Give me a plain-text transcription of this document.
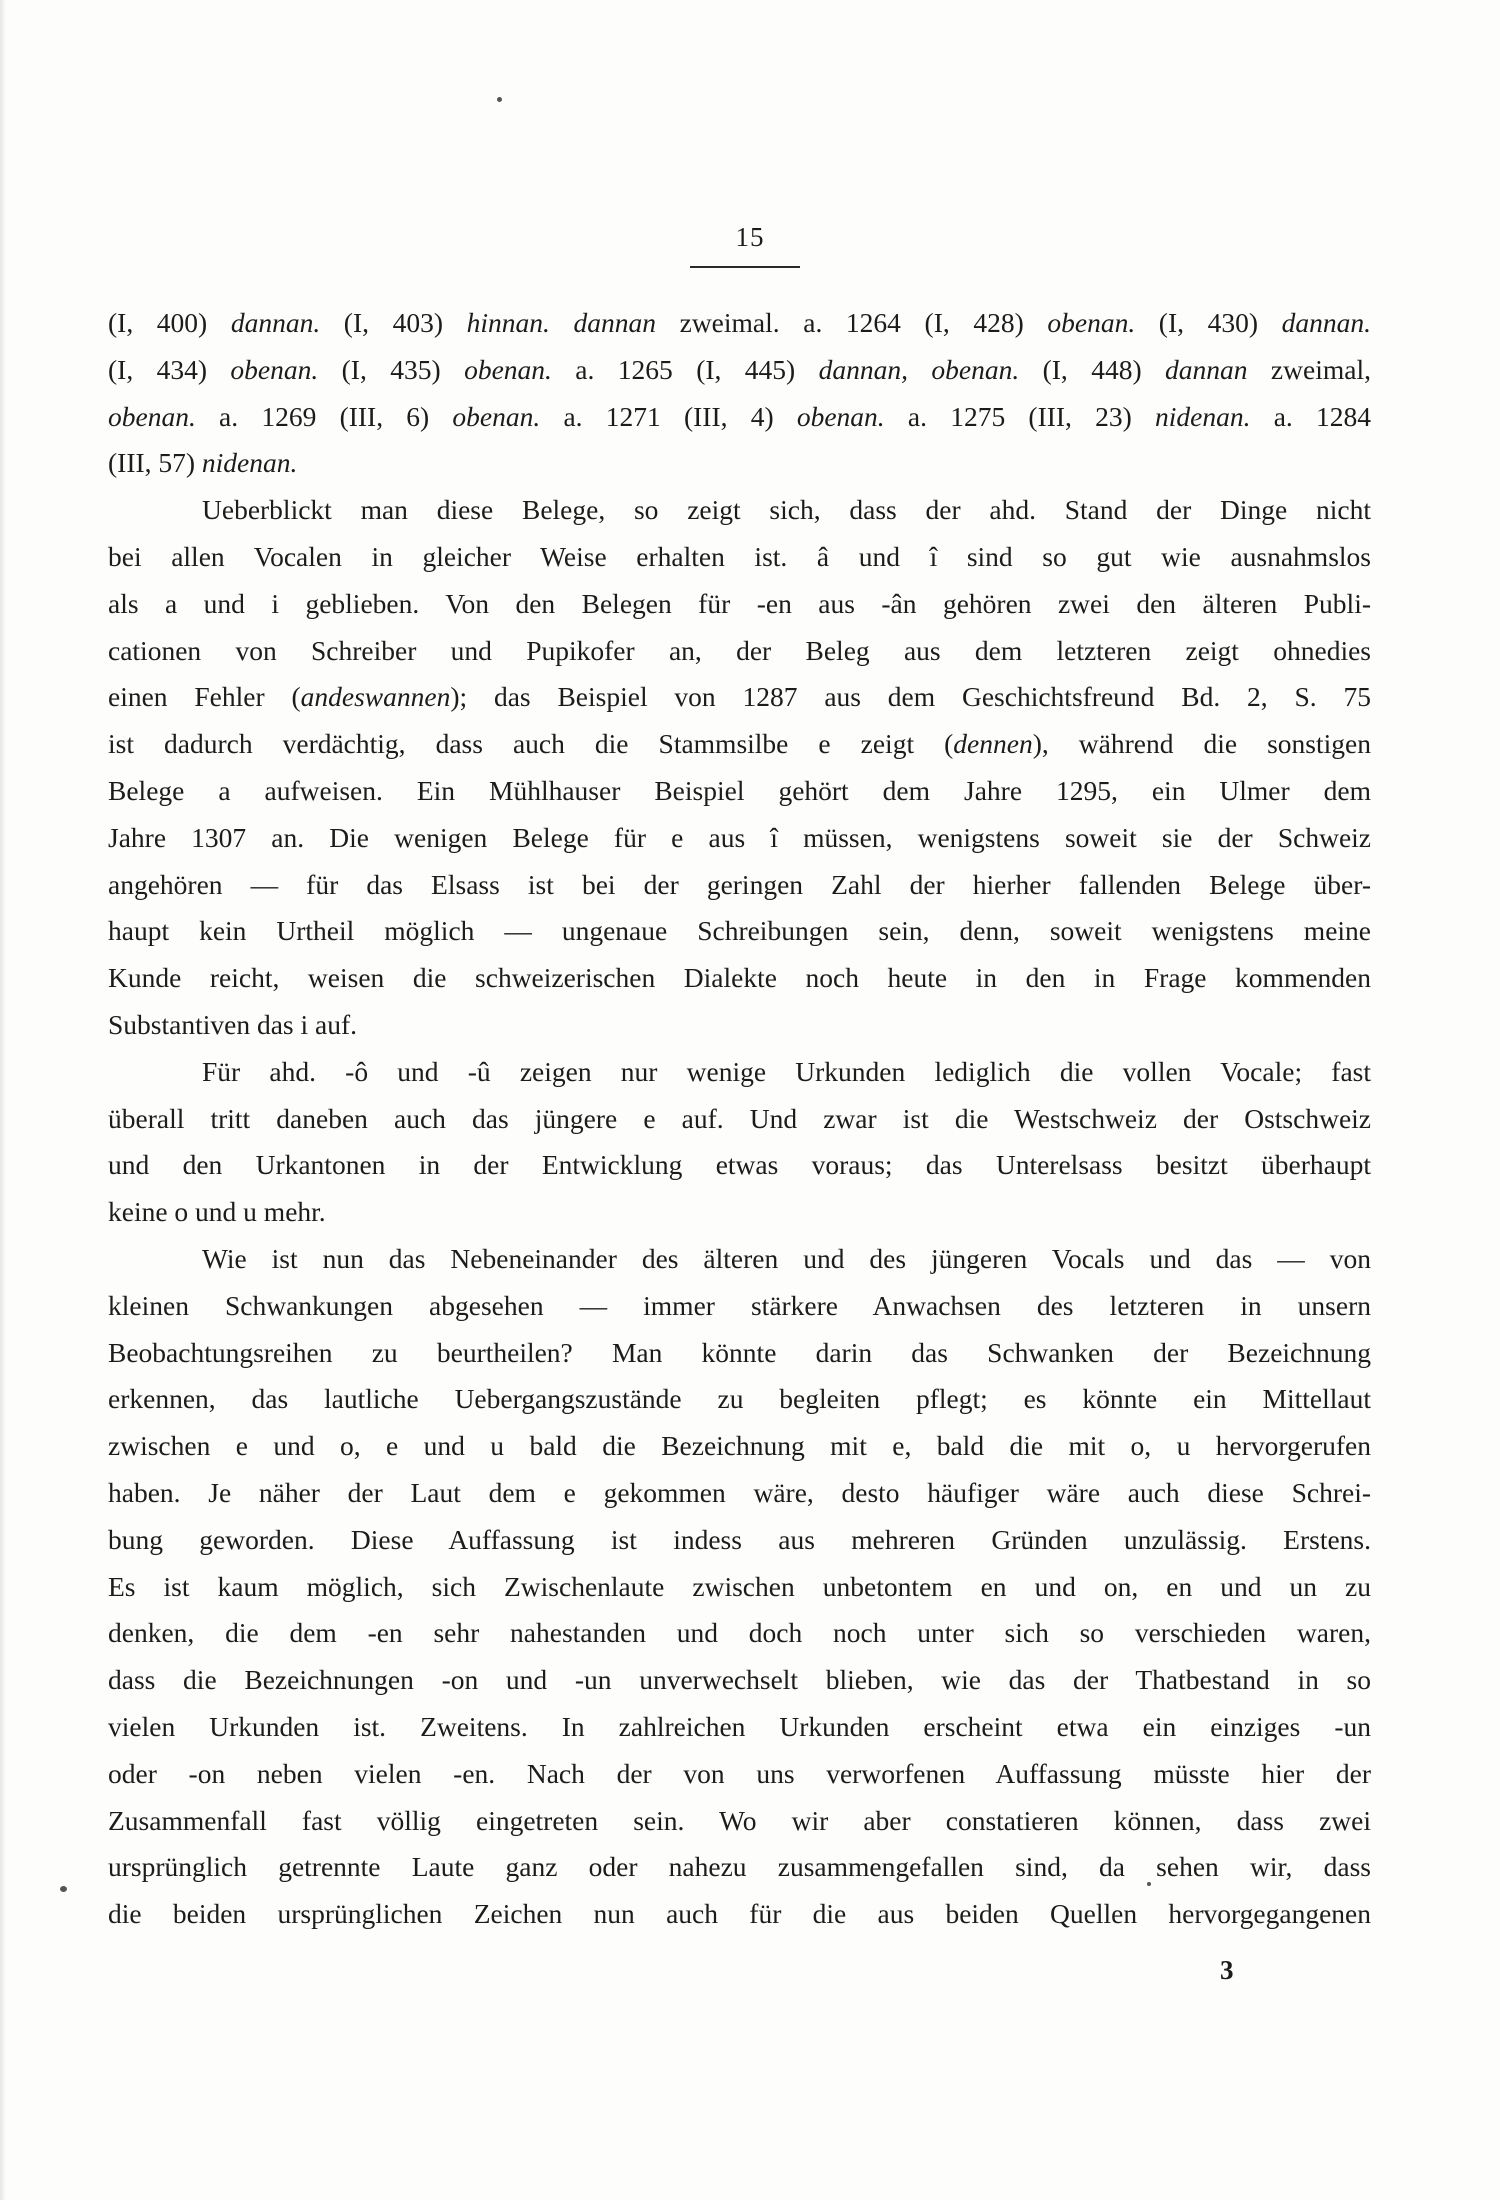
15
(I, 400) dannan. (I, 403) hinnan. dannan zweimal. a. 1264 (I, 428) obenan. (I, 430) dannan.
(I, 434) obenan. (I, 435) obenan. a. 1265 (I, 445) dannan, obenan. (I, 448) dannan zweimal,
obenan. a. 1269 (III, 6) obenan. a. 1271 (III, 4) obenan. a. 1275 (III, 23) nidenan. a. 1284
(III, 57) nidenan.
Ueberblickt man diese Belege, so zeigt sich, dass der ahd. Stand der Dinge nicht
bei allen Vocalen in gleicher Weise erhalten ist. â und î sind so gut wie ausnahmslos
als a und i geblieben. Von den Belegen für -en aus -ân gehören zwei den älteren Publi-
cationen von Schreiber und Pupikofer an, der Beleg aus dem letzteren zeigt ohnedies
einen Fehler (andeswannen); das Beispiel von 1287 aus dem Geschichtsfreund Bd. 2, S. 75
ist dadurch verdächtig, dass auch die Stammsilbe e zeigt (dennen), während die sonstigen
Belege a aufweisen. Ein Mühlhauser Beispiel gehört dem Jahre 1295, ein Ulmer dem
Jahre 1307 an. Die wenigen Belege für e aus î müssen, wenigstens soweit sie der Schweiz
angehören — für das Elsass ist bei der geringen Zahl der hierher fallenden Belege über-
haupt kein Urtheil möglich — ungenaue Schreibungen sein, denn, soweit wenigstens meine
Kunde reicht, weisen die schweizerischen Dialekte noch heute in den in Frage kommenden
Substantiven das i auf.
Für ahd. -ô und -û zeigen nur wenige Urkunden lediglich die vollen Vocale; fast
überall tritt daneben auch das jüngere e auf. Und zwar ist die Westschweiz der Ostschweiz
und den Urkantonen in der Entwicklung etwas voraus; das Unterelsass besitzt überhaupt
keine o und u mehr.
Wie ist nun das Nebeneinander des älteren und des jüngeren Vocals und das — von
kleinen Schwankungen abgesehen — immer stärkere Anwachsen des letzteren in unsern
Beobachtungsreihen zu beurtheilen? Man könnte darin das Schwanken der Bezeichnung
erkennen, das lautliche Uebergangszustände zu begleiten pflegt; es könnte ein Mittellaut
zwischen e und o, e und u bald die Bezeichnung mit e, bald die mit o, u hervorgerufen
haben. Je näher der Laut dem e gekommen wäre, desto häufiger wäre auch diese Schrei-
bung geworden. Diese Auffassung ist indess aus mehreren Gründen unzulässig. Erstens.
Es ist kaum möglich, sich Zwischenlaute zwischen unbetontem en und on, en und un zu
denken, die dem -en sehr nahestanden und doch noch unter sich so verschieden waren,
dass die Bezeichnungen -on und -un unverwechselt blieben, wie das der Thatbestand in so
vielen Urkunden ist. Zweitens. In zahlreichen Urkunden erscheint etwa ein einziges -un
oder -on neben vielen -en. Nach der von uns verworfenen Auffassung müsste hier der
Zusammenfall fast völlig eingetreten sein. Wo wir aber constatieren können, dass zwei
ursprünglich getrennte Laute ganz oder nahezu zusammengefallen sind, da sehen wir, dass
die beiden ursprünglichen Zeichen nun auch für die aus beiden Quellen hervorgegangenen
3
